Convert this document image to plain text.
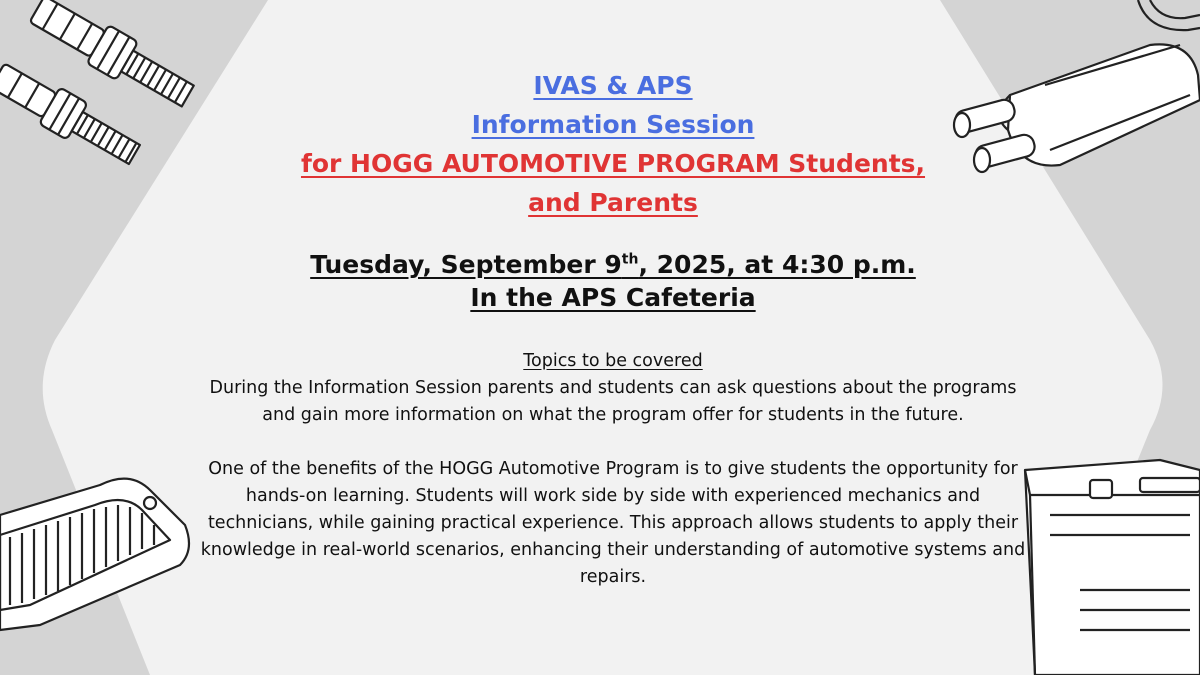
IVAS & APS
Information Session
for HOGG AUTOMOTIVE PROGRAM Students,
and Parents
Tuesday, September 9th, 2025, at 4:30 p.m.
In the APS Cafeteria
Topics to be covered
During the Information Session parents and students can ask questions about the programs and gain more information on what the program offer for students in the future.
One of the benefits of the HOGG Automotive Program is to give students the opportunity for hands-on learning. Students will work side by side with experienced mechanics and technicians, while gaining practical experience. This approach allows students to apply their knowledge in real-world scenarios, enhancing their understanding of automotive systems and repairs.
